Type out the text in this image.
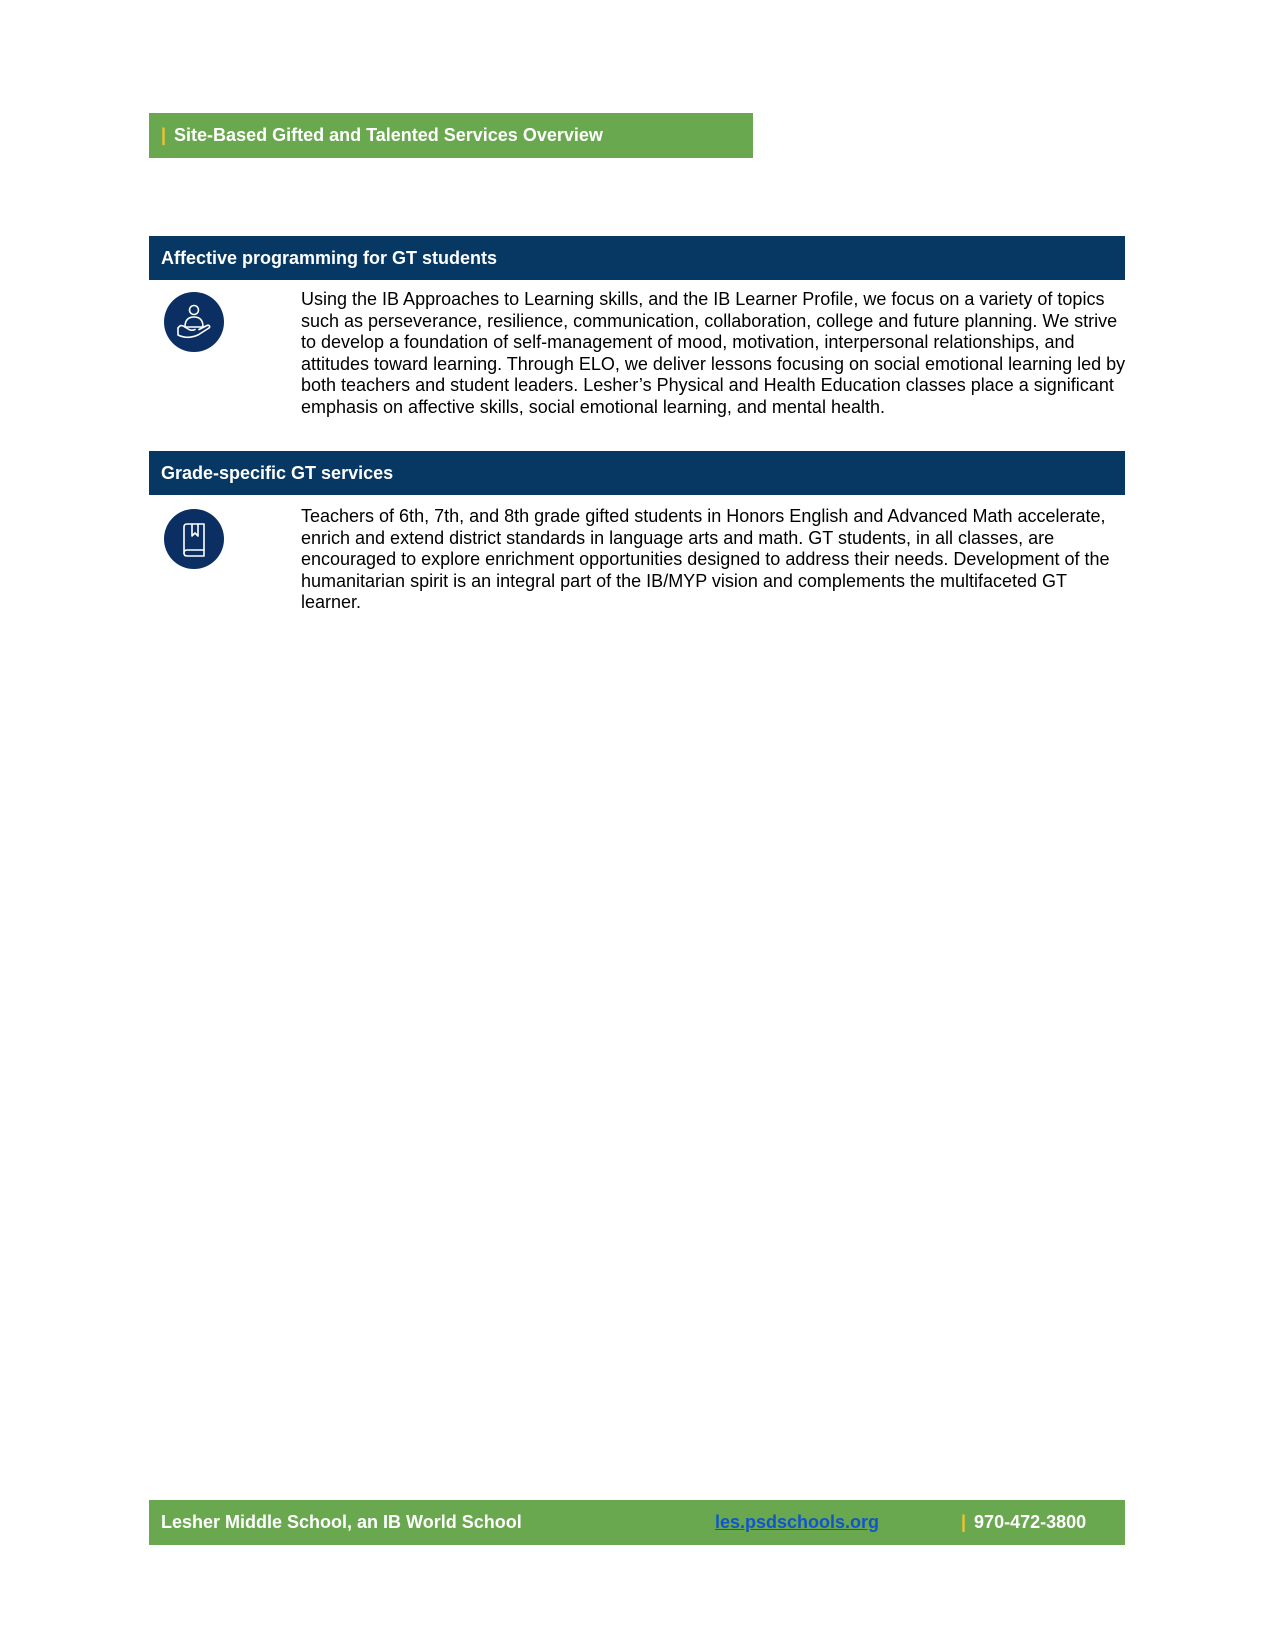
| Site-Based Gifted and Talented Services Overview
Affective programming for GT students

Using the IB Approaches to Learning skills, and the IB Learner Profile, we focus on a variety of topics such as perseverance, resilience, communication, collaboration, college and future planning. We strive to develop a foundation of self-management of mood, motivation, interpersonal relationships, and attitudes toward learning. Through ELO, we deliver lessons focusing on social emotional learning led by both teachers and student leaders. Lesher’s Physical and Health Education classes place a significant emphasis on affective skills, social emotional learning, and mental health.

Grade-specific GT services

Teachers of 6th, 7th, and 8th grade gifted students in Honors English and Advanced Math accelerate, enrich and extend district standards in language arts and math. GT students, in all classes, are encouraged to explore enrichment opportunities designed to address their needs. Development of the humanitarian spirit is an integral part of the IB/MYP vision and complements the multifaceted GT learner.

Lesher Middle School, an IB World School	les.psdschools.org	| 970-472-3800
